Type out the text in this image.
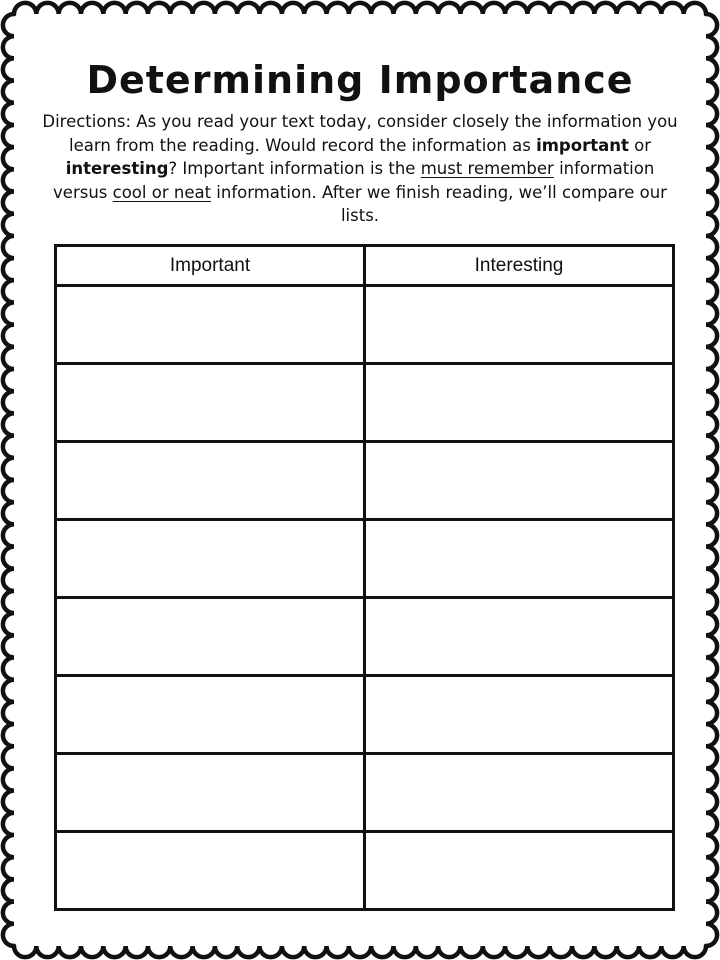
Determining Importance

Directions: As you read your text today, consider closely the information you learn from the reading. Would record the information as important or interesting? Important information is the must remember information versus cool or neat information. After we finish reading, we’ll compare our lists.

Important	Interesting
